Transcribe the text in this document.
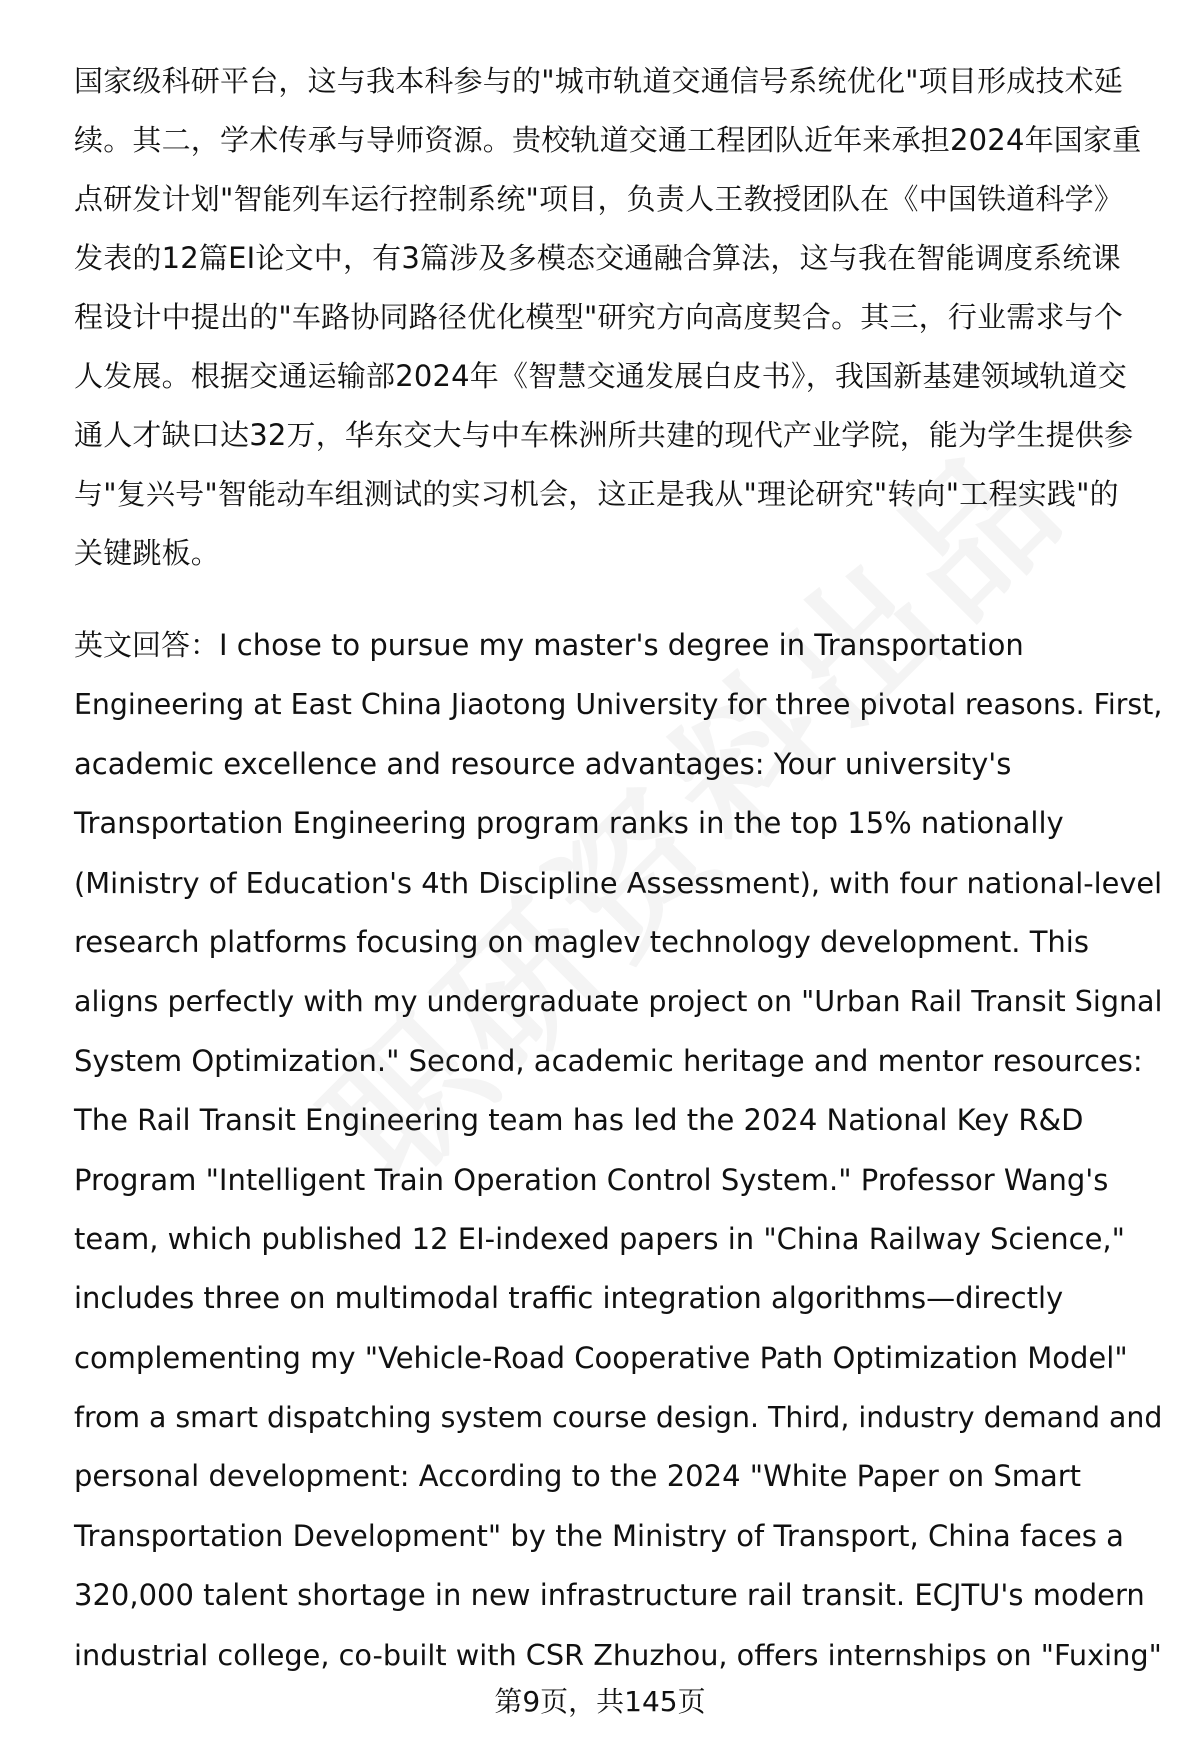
国家级科研平台，这与我本科参与的"城市轨道交通信号系统优化"项目形成技术延
续。其二，学术传承与导师资源。贵校轨道交通工程团队近年来承担2024年国家重
点研发计划"智能列车运行控制系统"项目，负责人王教授团队在《中国铁道科学》
发表的12篇EI论文中，有3篇涉及多模态交通融合算法，这与我在智能调度系统课
程设计中提出的"车路协同路径优化模型"研究方向高度契合。其三，行业需求与个
人发展。根据交通运输部2024年《智慧交通发展白皮书》，我国新基建领域轨道交
通人才缺口达32万，华东交大与中车株洲所共建的现代产业学院，能为学生提供参
与"复兴号"智能动车组测试的实习机会，这正是我从"理论研究"转向"工程实践"的
关键跳板。
英文回答：I chose to pursue my master's degree in Transportation
Engineering at East China Jiaotong University for three pivotal reasons. First,
academic excellence and resource advantages: Your university's
Transportation Engineering program ranks in the top 15% nationally
(Ministry of Education's 4th Discipline Assessment), with four national-level
research platforms focusing on maglev technology development. This
aligns perfectly with my undergraduate project on "Urban Rail Transit Signal
System Optimization." Second, academic heritage and mentor resources:
The Rail Transit Engineering team has led the 2024 National Key R&D
Program "Intelligent Train Operation Control System." Professor Wang's
team, which published 12 EI-indexed papers in "China Railway Science,"
includes three on multimodal traffic integration algorithms—directly
complementing my "Vehicle-Road Cooperative Path Optimization Model"
from a smart dispatching system course design. Third, industry demand and
personal development: According to the 2024 "White Paper on Smart
Transportation Development" by the Ministry of Transport, China faces a
320,000 talent shortage in new infrastructure rail transit. ECJTU's modern
industrial college, co-built with CSR Zhuzhou, offers internships on "Fuxing"
第9页，共145页
